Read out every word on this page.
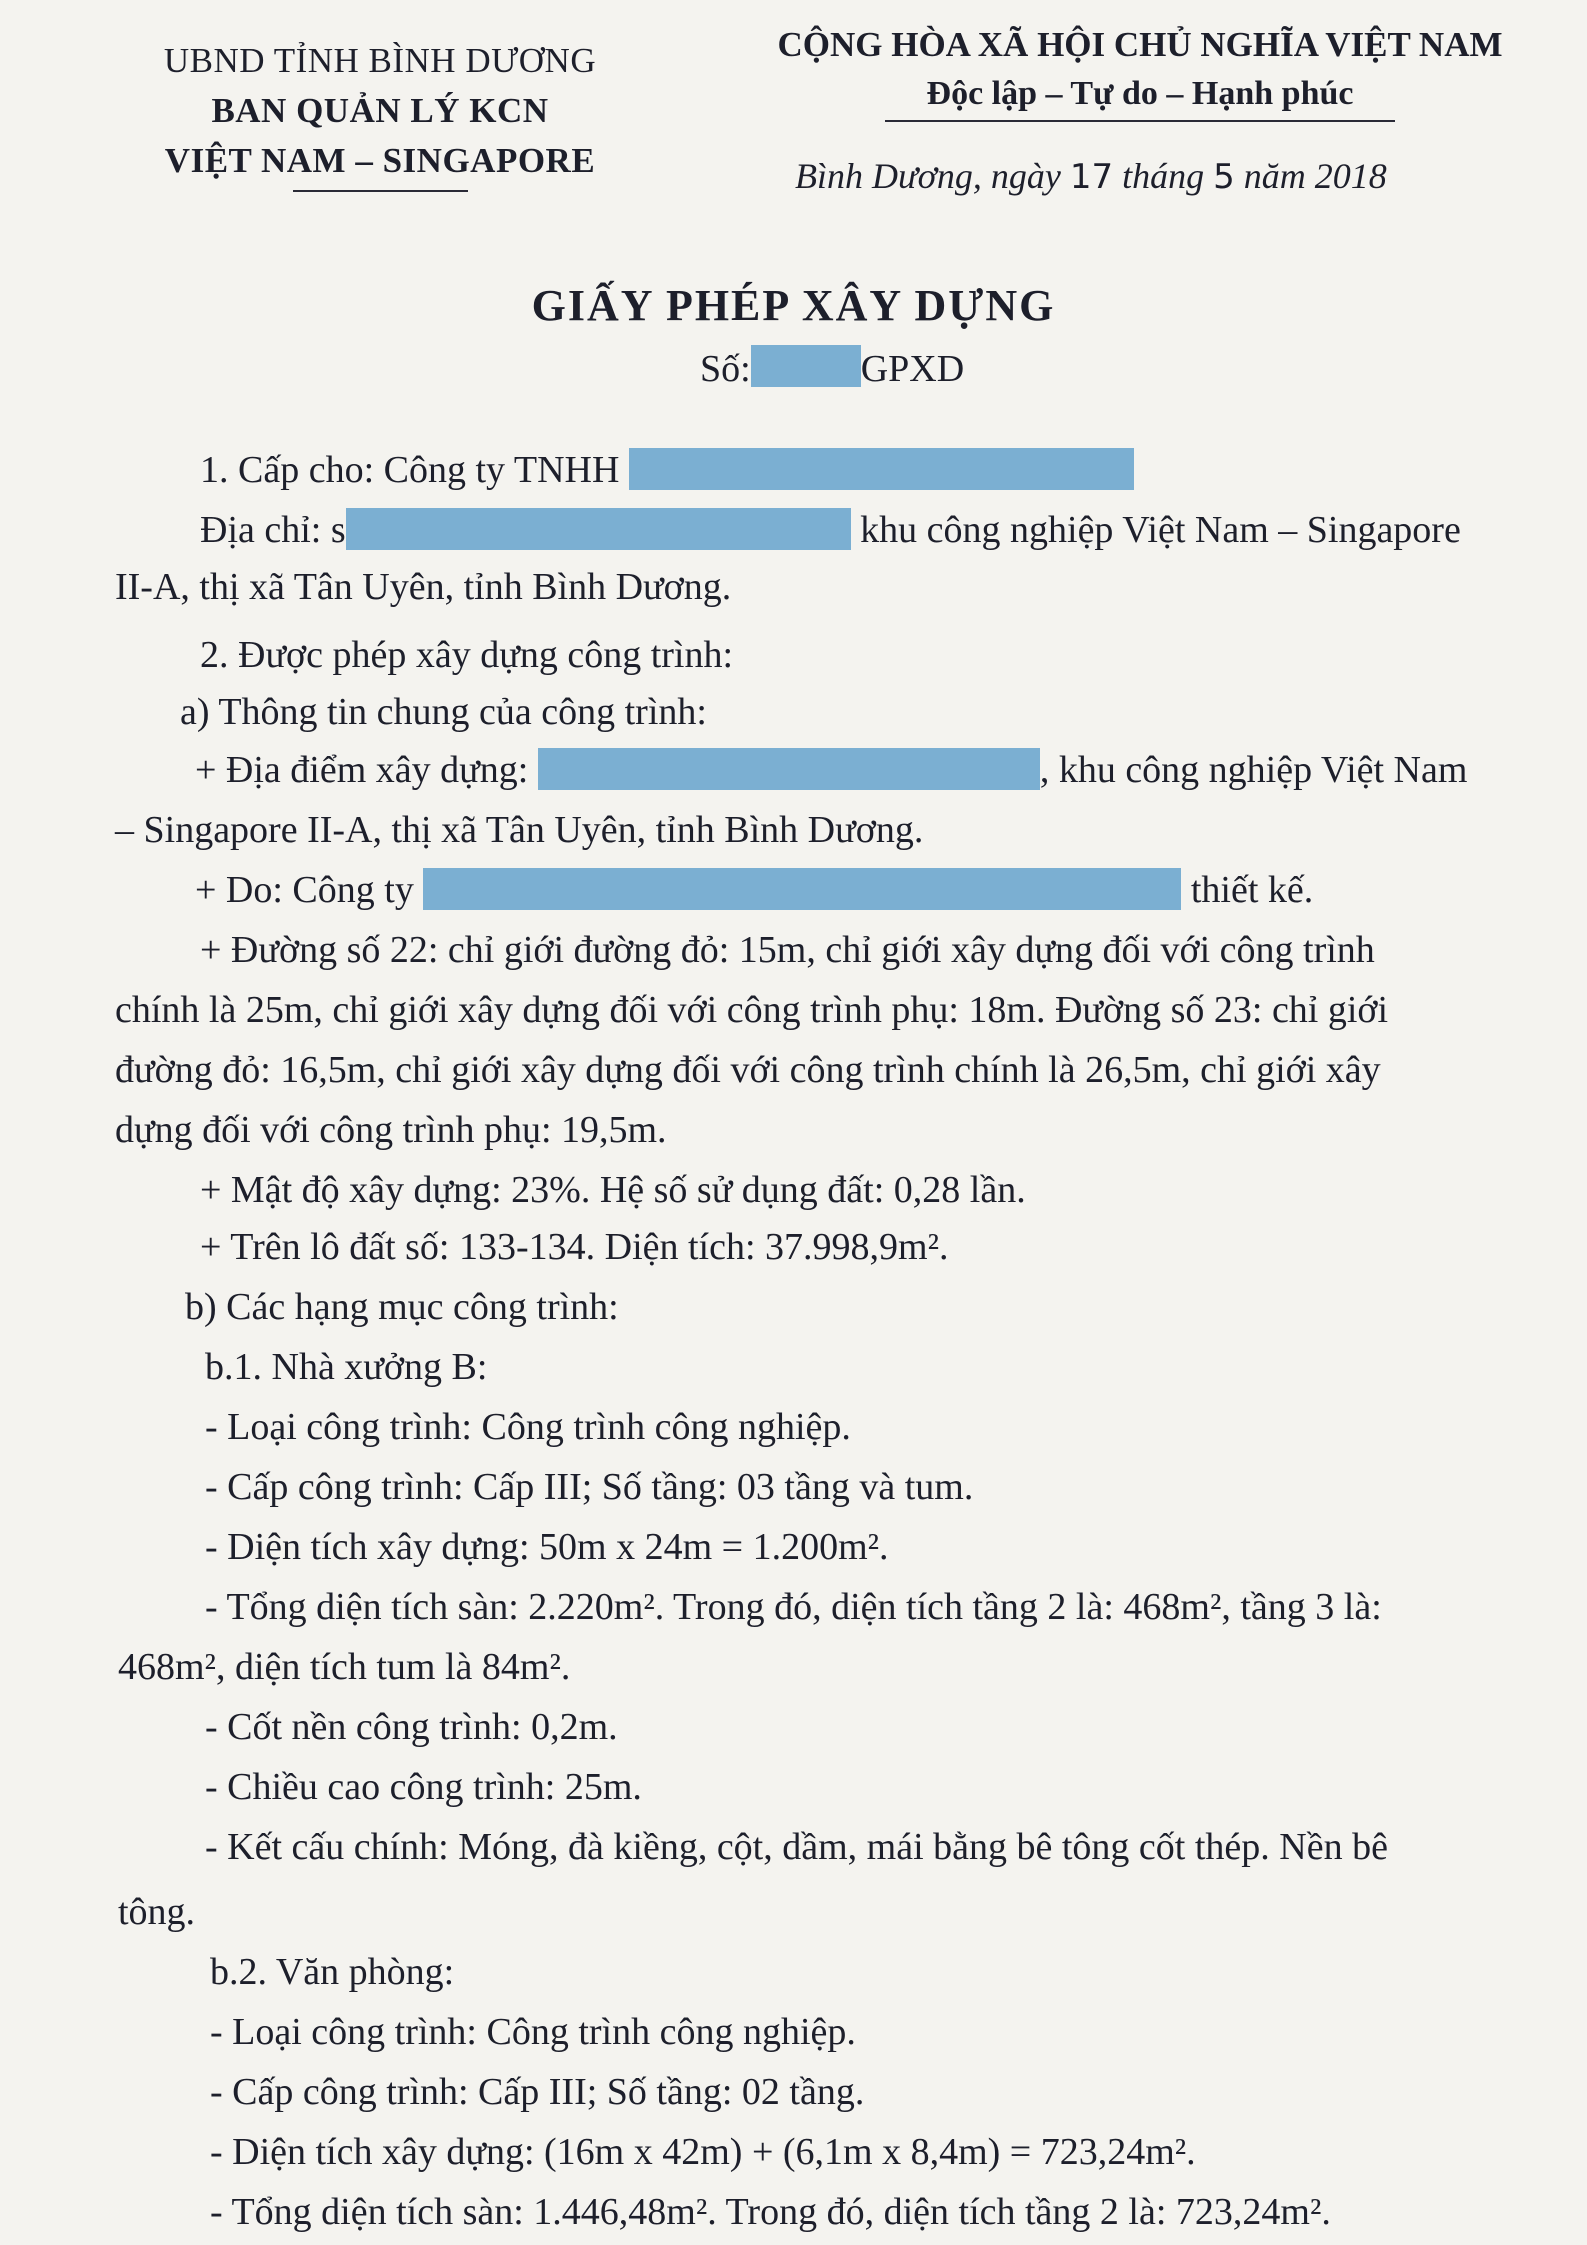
UBND TỈNH BÌNH DƯƠNG
BAN QUẢN LÝ KCN
VIỆT NAM – SINGAPORE
CỘNG HÒA XÃ HỘI CHỦ NGHĨA VIỆT NAM
Độc lập – Tự do – Hạnh phúc
Bình Dương, ngày 17 tháng 5 năm 2018
GIẤY PHÉP XÂY DỰNG
Số:	GPXD
1. Cấp cho: Công ty TNHH
Địa chỉ: s	khu công nghiệp Việt Nam – Singapore
II-A, thị xã Tân Uyên, tỉnh Bình Dương.
2. Được phép xây dựng công trình:
a) Thông tin chung của công trình:
+ Địa điểm xây dựng:	, khu công nghiệp Việt Nam
– Singapore II-A, thị xã Tân Uyên, tỉnh Bình Dương.
+ Do: Công ty	thiết kế.
+ Đường số 22: chỉ giới đường đỏ: 15m, chỉ giới xây dựng đối với công trình
chính là 25m, chỉ giới xây dựng đối với công trình phụ: 18m. Đường số 23: chỉ giới
đường đỏ: 16,5m, chỉ giới xây dựng đối với công trình chính là 26,5m, chỉ giới xây
dựng đối với công trình phụ: 19,5m.
+ Mật độ xây dựng: 23%. Hệ số sử dụng đất: 0,28 lần.
+ Trên lô đất số: 133-134. Diện tích: 37.998,9m².
b) Các hạng mục công trình:
b.1. Nhà xưởng B:
- Loại công trình: Công trình công nghiệp.
- Cấp công trình: Cấp III; Số tầng: 03 tầng và tum.
- Diện tích xây dựng: 50m x 24m = 1.200m².
- Tổng diện tích sàn: 2.220m². Trong đó, diện tích tầng 2 là: 468m², tầng 3 là:
468m², diện tích tum là 84m².
- Cốt nền công trình: 0,2m.
- Chiều cao công trình: 25m.
- Kết cấu chính: Móng, đà kiềng, cột, dầm, mái bằng bê tông cốt thép. Nền bê
tông.
b.2. Văn phòng:
- Loại công trình: Công trình công nghiệp.
- Cấp công trình: Cấp III; Số tầng: 02 tầng.
- Diện tích xây dựng: (16m x 42m) + (6,1m x 8,4m) = 723,24m².
- Tổng diện tích sàn: 1.446,48m². Trong đó, diện tích tầng 2 là: 723,24m².
